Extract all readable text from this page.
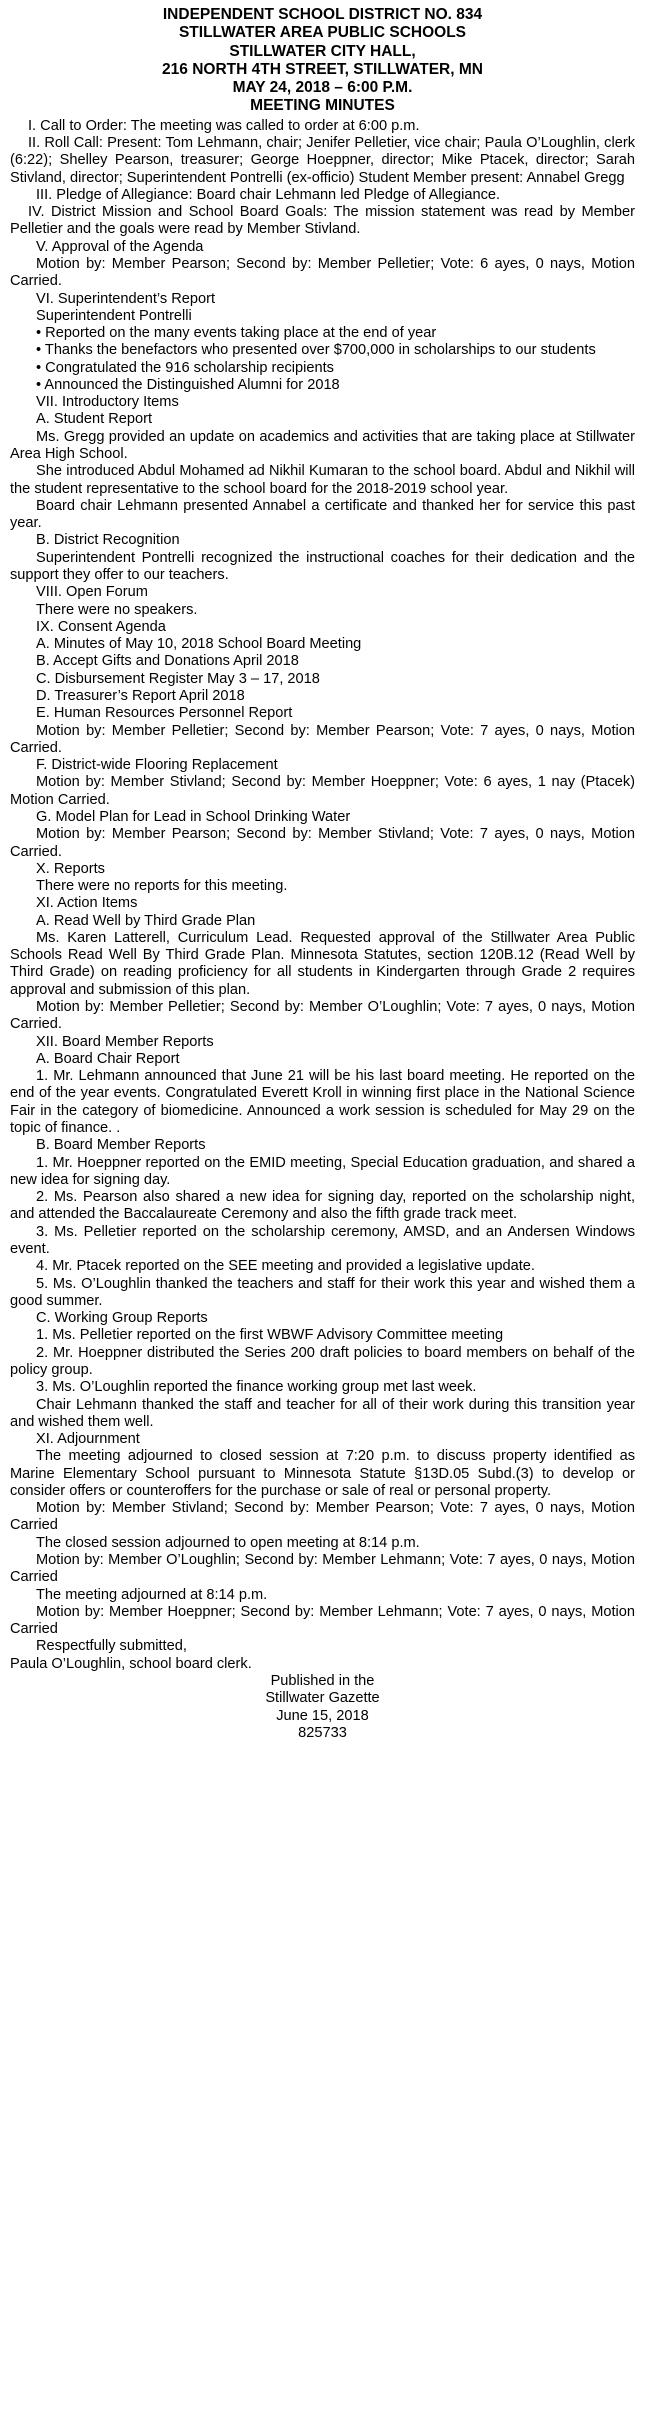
INDEPENDENT SCHOOL DISTRICT NO. 834
STILLWATER AREA PUBLIC SCHOOLS
STILLWATER CITY HALL,
216 NORTH 4TH STREET, STILLWATER, MN
MAY 24, 2018 – 6:00 P.M.
MEETING MINUTES

I. Call to Order: The meeting was called to order at 6:00 p.m.

II. Roll Call: Present: Tom Lehmann, chair; Jenifer Pelletier, vice chair; Paula O’Loughlin, clerk (6:22); Shelley Pearson, treasurer; George Hoeppner, director; Mike Ptacek, director; Sarah Stivland, director; Superintendent Pontrelli (ex-officio) Student Member present: Annabel Gregg

III. Pledge of Allegiance: Board chair Lehmann led Pledge of Allegiance.

IV. District Mission and School Board Goals: The mission statement was read by Member Pelletier and the goals were read by Member Stivland.

V. Approval of the Agenda

Motion by: Member Pearson; Second by: Member Pelletier; Vote: 6 ayes, 0 nays, Motion Carried.

VI. Superintendent’s Report

Superintendent Pontrelli

• Reported on the many events taking place at the end of year

• Thanks the benefactors who presented over $700,000 in scholarships to our students

• Congratulated the 916 scholarship recipients

• Announced the Distinguished Alumni for 2018

VII. Introductory Items

A. Student Report

Ms. Gregg provided an update on academics and activities that are taking place at Stillwater Area High School.

She introduced Abdul Mohamed ad Nikhil Kumaran to the school board. Abdul and Nikhil will the student representative to the school board for the 2018-2019 school year.

Board chair Lehmann presented Annabel a certificate and thanked her for service this past year.

B. District Recognition

Superintendent Pontrelli recognized the instructional coaches for their dedication and the support they offer to our teachers.

VIII. Open Forum

There were no speakers.

IX. Consent Agenda

A. Minutes of May 10, 2018 School Board Meeting

B. Accept Gifts and Donations April 2018

C. Disbursement Register May 3 – 17, 2018

D. Treasurer’s Report April 2018

E. Human Resources Personnel Report

Motion by: Member Pelletier; Second by: Member Pearson; Vote: 7 ayes, 0 nays, Motion Carried.

F. District-wide Flooring Replacement

Motion by: Member Stivland; Second by: Member Hoeppner; Vote: 6 ayes, 1 nay (Ptacek) Motion Carried.

G. Model Plan for Lead in School Drinking Water

Motion by: Member Pearson; Second by: Member Stivland; Vote: 7 ayes, 0 nays, Motion Carried.

X. Reports

There were no reports for this meeting.

XI. Action Items

A. Read Well by Third Grade Plan

Ms. Karen Latterell, Curriculum Lead. Requested approval of the Stillwater Area Public Schools Read Well By Third Grade Plan. Minnesota Statutes, section 120B.12 (Read Well by Third Grade) on reading proficiency for all students in Kindergarten through Grade 2 requires approval and submission of this plan.

Motion by: Member Pelletier; Second by: Member O’Loughlin; Vote: 7 ayes, 0 nays, Motion Carried.

XII. Board Member Reports

A. Board Chair Report

1. Mr. Lehmann announced that June 21 will be his last board meeting. He reported on the end of the year events. Congratulated Everett Kroll in winning first place in the National Science Fair in the category of biomedicine. Announced a work session is scheduled for May 29 on the topic of finance. .

B. Board Member Reports

1. Mr. Hoeppner reported on the EMID meeting, Special Education graduation, and shared a new idea for signing day.

2. Ms. Pearson also shared a new idea for signing day, reported on the scholarship night, and attended the Baccalaureate Ceremony and also the fifth grade track meet.

3. Ms. Pelletier reported on the scholarship ceremony, AMSD, and an Andersen Windows event.

4. Mr. Ptacek reported on the SEE meeting and provided a legislative update.

5. Ms. O’Loughlin thanked the teachers and staff for their work this year and wished them a good summer.

C. Working Group Reports

1. Ms. Pelletier reported on the first WBWF Advisory Committee meeting

2. Mr. Hoeppner distributed the Series 200 draft policies to board members on behalf of the policy group.

3. Ms. O’Loughlin reported the finance working group met last week.

Chair Lehmann thanked the staff and teacher for all of their work during this transition year and wished them well.

XI. Adjournment

The meeting adjourned to closed session at 7:20 p.m. to discuss property identified as Marine Elementary School pursuant to Minnesota Statute §13D.05 Subd.(3) to develop or consider offers or counteroffers for the purchase or sale of real or personal property.

Motion by: Member Stivland; Second by: Member Pearson; Vote: 7 ayes, 0 nays, Motion Carried

The closed session adjourned to open meeting at 8:14 p.m.

Motion by: Member O’Loughlin; Second by: Member Lehmann; Vote: 7 ayes, 0 nays, Motion Carried

The meeting adjourned at 8:14 p.m.

Motion by: Member Hoeppner; Second by: Member Lehmann; Vote: 7 ayes, 0 nays, Motion Carried

Respectfully submitted,

Paula O’Loughlin, school board clerk.

Published in the
Stillwater Gazette
June 15, 2018
825733
